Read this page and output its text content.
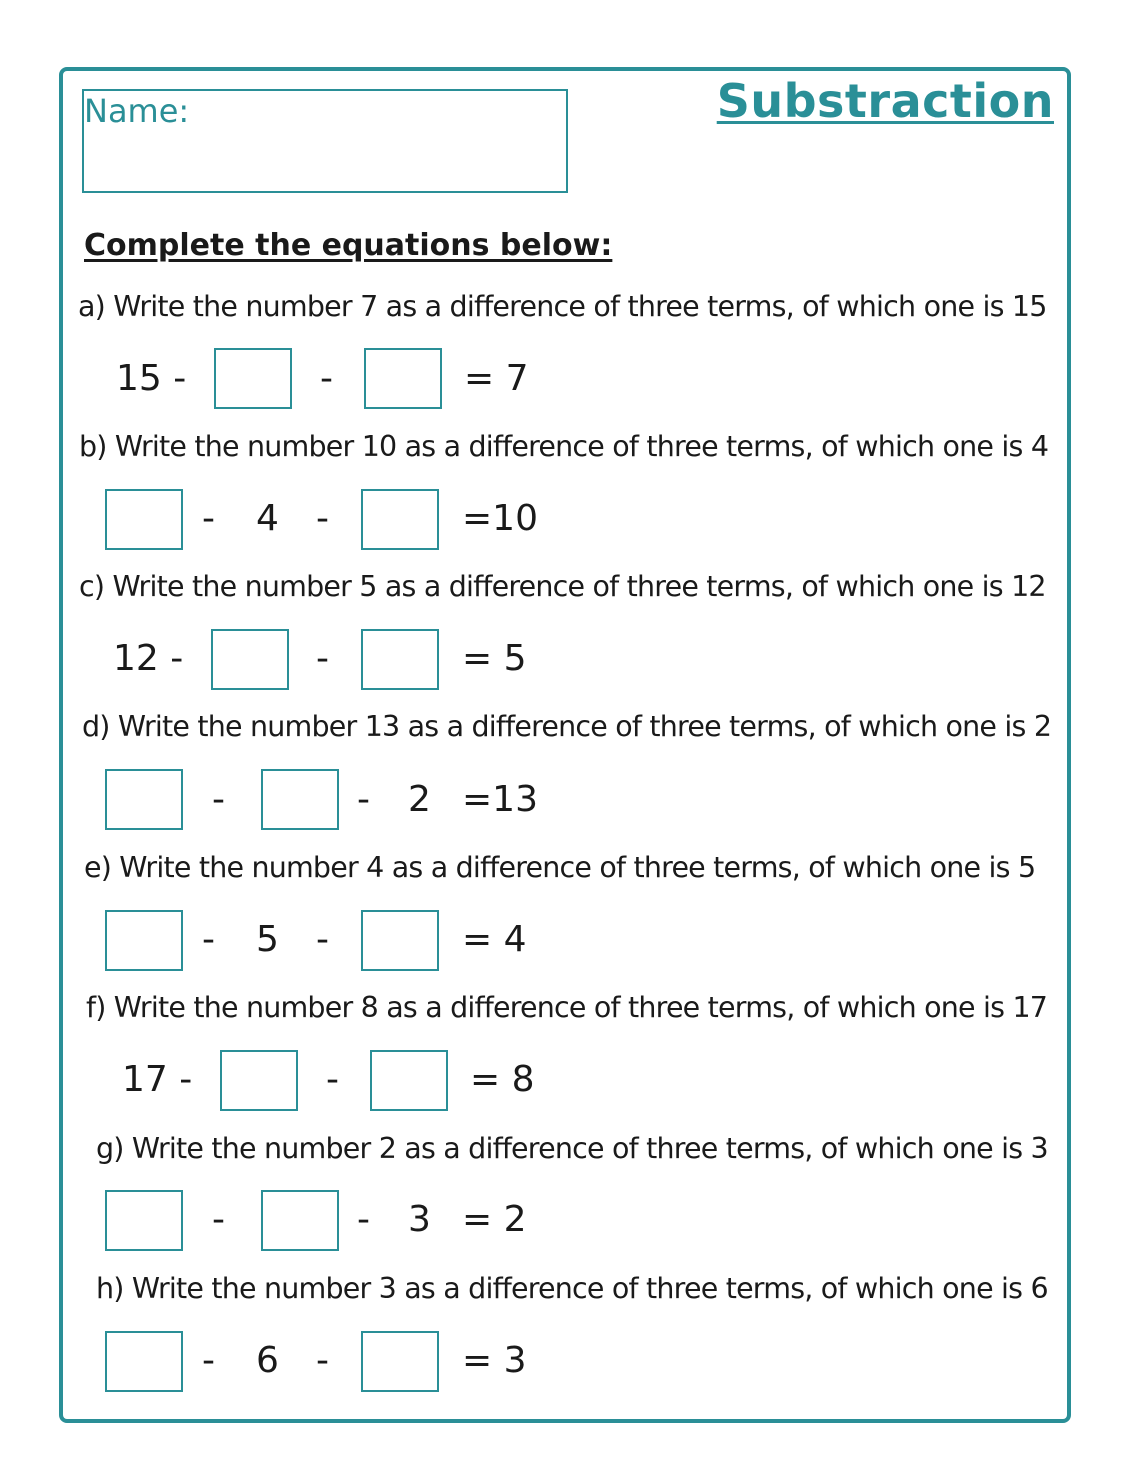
Name:	Substraction
Complete the equations below:
a) Write the number 7 as a difference of three terms, of which one is 15
15 -	-	= 7
b) Write the number 10 as a difference of three terms, of which one is 4
- 4 -	=10
c) Write the number 5 as a difference of three terms, of which one is 12
12 -	-	= 5
d) Write the number 13 as a difference of three terms, of which one is 2
-	- 2 =13
e) Write the number 4 as a difference of three terms, of which one is 5
- 5 -	= 4
f) Write the number 8 as a difference of three terms, of which one is 17
17 -	-	= 8
g) Write the number 2 as a difference of three terms, of which one is 3
-	- 3 = 2
h) Write the number 3 as a difference of three terms, of which one is 6
- 6 -	= 3
